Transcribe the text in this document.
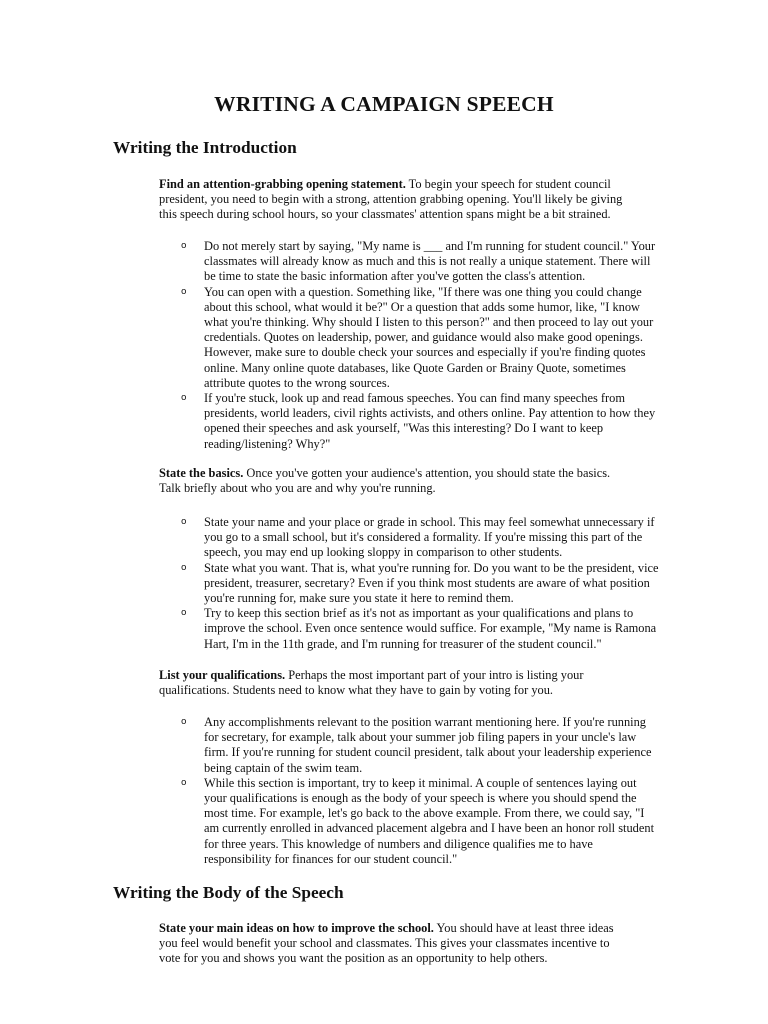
WRITING A CAMPAIGN SPEECH
Writing the Introduction

Find an attention-grabbing opening statement. To begin your speech for student council president, you need to begin with a strong, attention grabbing opening. You'll likely be giving this speech during school hours, so your classmates' attention spans might be a bit strained.

o Do not merely start by saying, "My name is ___ and I'm running for student council." Your classmates will already know as much and this is not really a unique statement. There will be time to state the basic information after you've gotten the class's attention.
o You can open with a question. Something like, "If there was one thing you could change about this school, what would it be?" Or a question that adds some humor, like, "I know what you're thinking. Why should I listen to this person?" and then proceed to lay out your credentials. Quotes on leadership, power, and guidance would also make good openings. However, make sure to double check your sources and especially if you're finding quotes online. Many online quote databases, like Quote Garden or Brainy Quote, sometimes attribute quotes to the wrong sources.
o If you're stuck, look up and read famous speeches. You can find many speeches from presidents, world leaders, civil rights activists, and others online. Pay attention to how they opened their speeches and ask yourself, "Was this interesting? Do I want to keep reading/listening? Why?"

State the basics. Once you've gotten your audience's attention, you should state the basics. Talk briefly about who you are and why you're running.

o State your name and your place or grade in school. This may feel somewhat unnecessary if you go to a small school, but it's considered a formality. If you're missing this part of the speech, you may end up looking sloppy in comparison to other students.
o State what you want. That is, what you're running for. Do you want to be the president, vice president, treasurer, secretary? Even if you think most students are aware of what position you're running for, make sure you state it here to remind them.
o Try to keep this section brief as it's not as important as your qualifications and plans to improve the school. Even once sentence would suffice. For example, "My name is Ramona Hart, I'm in the 11th grade, and I'm running for treasurer of the student council."

List your qualifications. Perhaps the most important part of your intro is listing your qualifications. Students need to know what they have to gain by voting for you.

o Any accomplishments relevant to the position warrant mentioning here. If you're running for secretary, for example, talk about your summer job filing papers in your uncle's law firm. If you're running for student council president, talk about your leadership experience being captain of the swim team.
o While this section is important, try to keep it minimal. A couple of sentences laying out your qualifications is enough as the body of your speech is where you should spend the most time. For example, let's go back to the above example. From there, we could say, "I am currently enrolled in advanced placement algebra and I have been an honor roll student for three years. This knowledge of numbers and diligence qualifies me to have responsibility for finances for our student council."
Writing the Body of the Speech

State your main ideas on how to improve the school. You should have at least three ideas you feel would benefit your school and classmates. This gives your classmates incentive to vote for you and shows you want the position as an opportunity to help others.
